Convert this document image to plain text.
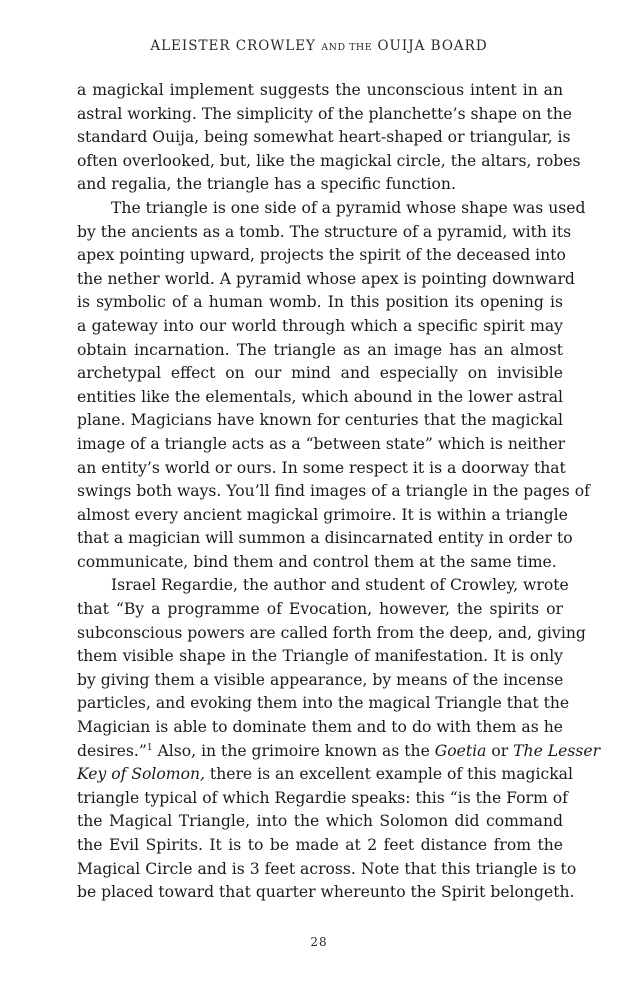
ALEISTER CROWLEY AND THE OUIJA BOARD
a magickal implement suggests the unconscious intent in an
astral working. The simplicity of the planchette’s shape on the
standard Ouija, being somewhat heart-shaped or triangular, is
often overlooked, but, like the magickal circle, the altars, robes
and regalia, the triangle has a specific function.
The triangle is one side of a pyramid whose shape was used
by the ancients as a tomb. The structure of a pyramid, with its
apex pointing upward, projects the spirit of the deceased into
the nether world. A pyramid whose apex is pointing downward
is symbolic of a human womb. In this position its opening is
a gateway into our world through which a specific spirit may
obtain incarnation. The triangle as an image has an almost
archetypal effect on our mind and especially on invisible
entities like the elementals, which abound in the lower astral
plane. Magicians have known for centuries that the magickal
image of a triangle acts as a “between state” which is neither
an entity’s world or ours. In some respect it is a doorway that
swings both ways. You’ll find images of a triangle in the pages of
almost every ancient magickal grimoire. It is within a triangle
that a magician will summon a disincarnated entity in order to
communicate, bind them and control them at the same time.
Israel Regardie, the author and student of Crowley, wrote
that “By a programme of Evocation, however, the spirits or
subconscious powers are called forth from the deep, and, giving
them visible shape in the Triangle of manifestation. It is only
by giving them a visible appearance, by means of the incense
particles, and evoking them into the magical Triangle that the
Magician is able to dominate them and to do with them as he
desires.”$^1$ Also, in the grimoire known as the Goetia or The Lesser
Key of Solomon, there is an excellent example of this magickal
triangle typical of which Regardie speaks: this “is the Form of
the Magical Triangle, into the which Solomon did command
the Evil Spirits. It is to be made at 2 feet distance from the
Magical Circle and is 3 feet across. Note that this triangle is to
be placed toward that quarter whereunto the Spirit belongeth.
28
